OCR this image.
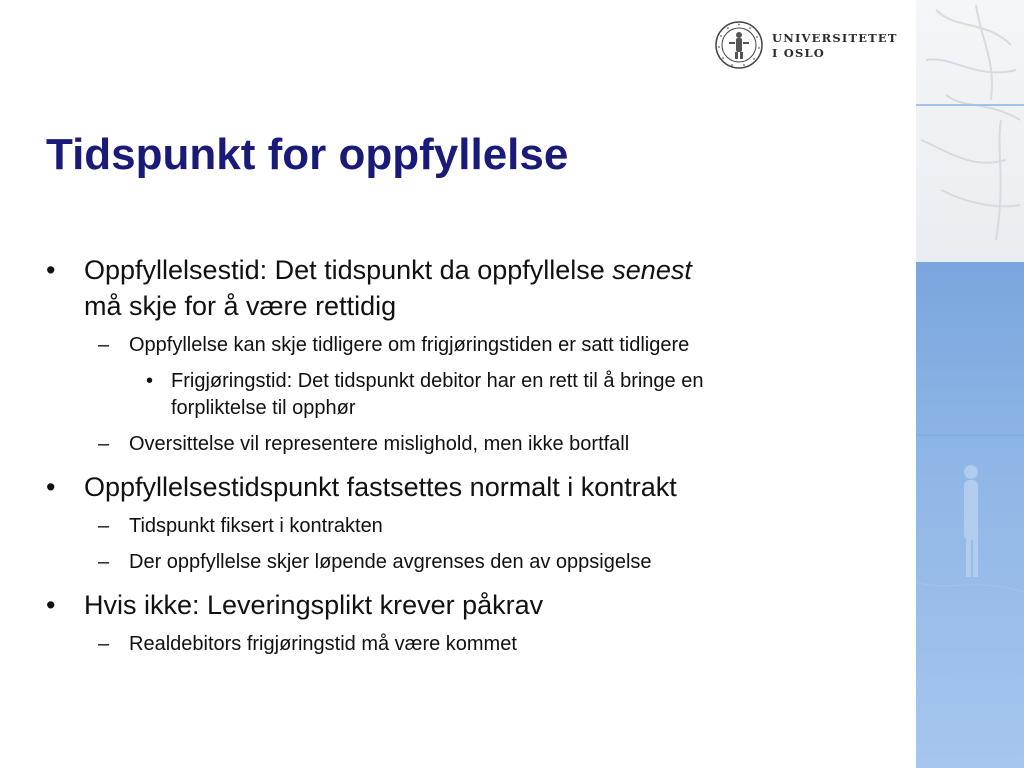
UNIVERSITETET
I OSLO
Tidspunkt for oppfyllelse
•	Oppfyllelsestid: Det tidspunkt da oppfyllelse senest
må skje for å være rettidig
– Oppfyllelse kan skje tidligere om frigjøringstiden er satt tidligere
• Frigjøringstid: Det tidspunkt debitor har en rett til å bringe en
forpliktelse til opphør
– Oversittelse vil representere mislighold, men ikke bortfall
•	Oppfyllelsestidspunkt fastsettes normalt i kontrakt
– Tidspunkt fiksert i kontrakten
– Der oppfyllelse skjer løpende avgrenses den av oppsigelse
•	Hvis ikke: Leveringsplikt krever påkrav
– Realdebitors frigjøringstid må være kommet
